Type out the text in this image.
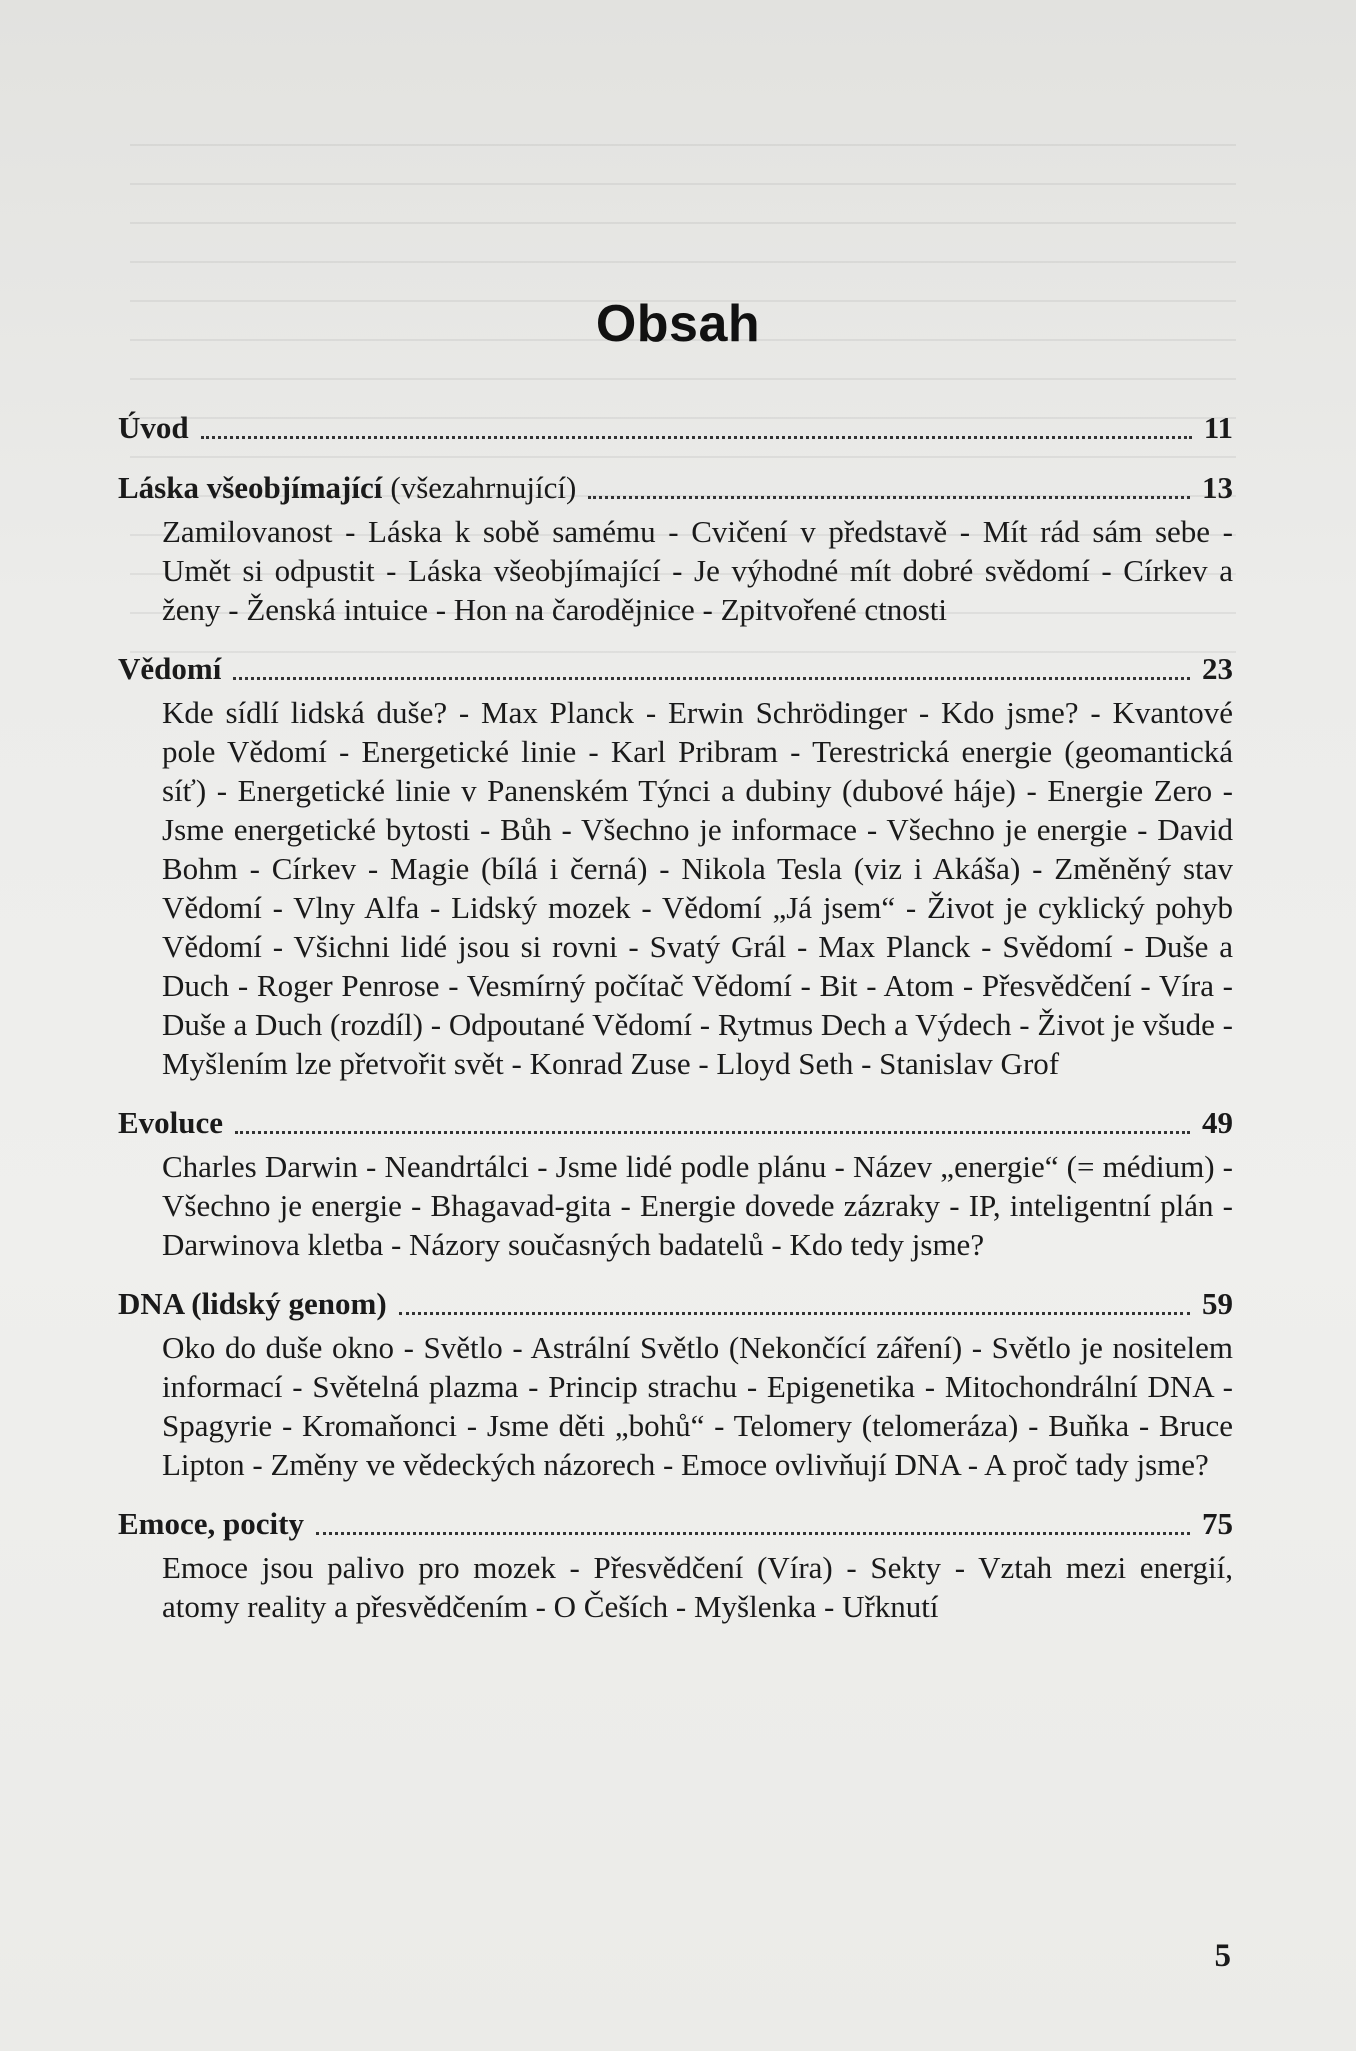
Obsah
Úvod	11
Láska všeobjímající (všezahrnující)	13
Zamilovanost - Láska k sobě samému - Cvičení v představě - Mít rád sám sebe - Umět si odpustit - Láska všeobjímající - Je výhodné mít dobré svědomí - Církev a ženy - Ženská intuice - Hon na čarodějnice - Zpitvořené ctnosti
Vědomí	23
Kde sídlí lidská duše? - Max Planck - Erwin Schrödinger - Kdo jsme? - Kvantové pole Vědomí - Energetické linie - Karl Pribram - Terestrická energie (geomantická síť) - Energetické linie v Panenském Týnci a dubiny (dubové háje) - Energie Zero - Jsme energetické bytosti - Bůh - Všechno je informace - Všechno je energie - David Bohm - Církev - Magie (bílá i černá) - Nikola Tesla (viz i Akáša) - Změněný stav Vědomí - Vlny Alfa - Lidský mozek - Vědomí „Já jsem“ - Život je cyklický pohyb Vědomí - Všichni lidé jsou si rovni - Svatý Grál - Max Planck - Svědomí - Duše a Duch - Roger Penrose - Vesmírný počítač Vědomí - Bit - Atom - Přesvědčení - Víra - Duše a Duch (rozdíl) - Odpoutané Vědomí - Rytmus Dech a Výdech - Život je všude - Myšlením lze přetvořit svět - Konrad Zuse - Lloyd Seth - Stanislav Grof
Evoluce	49
Charles Darwin - Neandrtálci - Jsme lidé podle plánu - Název „energie“ (= médium) - Všechno je energie - Bhagavad-gita - Energie dovede zázraky - IP, inteligentní plán - Darwinova kletba - Názory současných badatelů - Kdo tedy jsme?
DNA (lidský genom)	59
Oko do duše okno - Světlo - Astrální Světlo (Nekončící záření) - Světlo je nositelem informací - Světelná plazma - Princip strachu - Epigenetika - Mitochondrální DNA - Spagyrie - Kromaňonci - Jsme děti „bohů“ - Telomery (telomeráza) - Buňka - Bruce Lipton - Změny ve vědeckých názorech - Emoce ovlivňují DNA - A proč tady jsme?
Emoce, pocity	75
Emoce jsou palivo pro mozek - Přesvědčení (Víra) - Sekty - Vztah mezi energií, atomy reality a přesvědčením - O Češích - Myšlenka - Uřknutí
5
